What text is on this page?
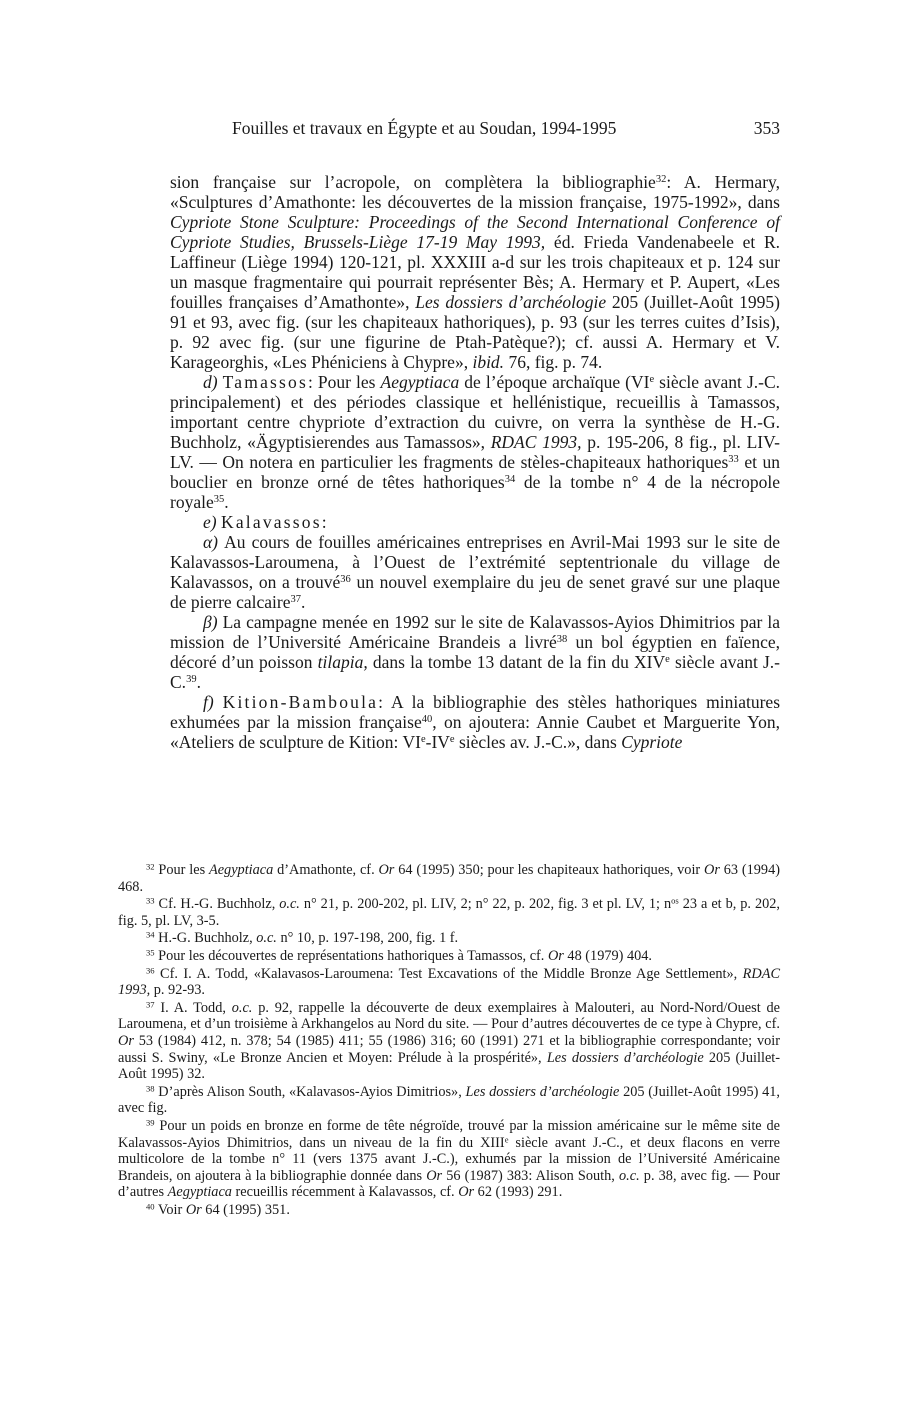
Fouilles et travaux en Égypte et au Soudan, 1994-1995	353

sion française sur l’acropole, on complètera la bibliographie$^{32}$: A. Hermary, «Sculptures d’Amathonte: les découvertes de la mission française, 1975-1992», dans Cypriote Stone Sculpture: Proceedings of the Second International Conference of Cypriote Studies, Brussels-Liège 17-19 May 1993, éd. Frieda Vandenabeele et R. Laffineur (Liège 1994) 120-121, pl. XXXIII a-d sur les trois chapiteaux et p. 124 sur un masque fragmentaire qui pourrait représenter Bès; A. Hermary et P. Aupert, «Les fouilles françaises d’Amathonte», Les dossiers d’archéologie 205 (Juillet-Août 1995) 91 et 93, avec fig. (sur les chapiteaux hathoriques), p. 93 (sur les terres cuites d’Isis), p. 92 avec fig. (sur une figurine de Ptah-Patèque?); cf. aussi A. Hermary et V. Karageorghis, «Les Phéniciens à Chypre», ibid. 76, fig. p. 74.

d) Tamassos: Pour les Aegyptiaca de l’époque archaïque (VIe siècle avant J.-C. principalement) et des périodes classique et hellénistique, recueillis à Tamassos, important centre chypriote d’extraction du cuivre, on verra la synthèse de H.-G. Buchholz, «Ägyptisierendes aus Tamassos», RDAC 1993, p. 195-206, 8 fig., pl. LIV-LV. — On notera en particulier les fragments de stèles-chapiteaux hathoriques$^{33}$ et un bouclier en bronze orné de têtes hathoriques$^{34}$ de la tombe n° 4 de la nécropole royale$^{35}$.

e) Kalavassos:

α) Au cours de fouilles américaines entreprises en Avril-Mai 1993 sur le site de Kalavassos-Laroumena, à l’Ouest de l’extrémité septentrionale du village de Kalavassos, on a trouvé$^{36}$ un nouvel exemplaire du jeu de senet gravé sur une plaque de pierre calcaire$^{37}$.

β) La campagne menée en 1992 sur le site de Kalavassos-Ayios Dhimitrios par la mission de l’Université Américaine Brandeis a livré$^{38}$ un bol égyptien en faïence, décoré d’un poisson tilapia, dans la tombe 13 datant de la fin du XIVe siècle avant J.-C.$^{39}$.

f) Kition-Bamboula: A la bibliographie des stèles hathoriques miniatures exhumées par la mission française$^{40}$, on ajoutera: Annie Caubet et Marguerite Yon, «Ateliers de sculpture de Kition: VIe-IVe siècles av. J.-C.», dans Cypriote

$^{32}$ Pour les Aegyptiaca d’Amathonte, cf. Or 64 (1995) 350; pour les chapiteaux hathoriques, voir Or 63 (1994) 468.

$^{33}$ Cf. H.-G. Buchholz, o.c. n° 21, p. 200-202, pl. LIV, 2; n° 22, p. 202, fig. 3 et pl. LV, 1; $n^{os}$ 23 a et b, p. 202, fig. 5, pl. LV, 3-5.

$^{34}$ H.-G. Buchholz, o.c. n° 10, p. 197-198, 200, fig. 1 f.

$^{35}$ Pour les découvertes de représentations hathoriques à Tamassos, cf. Or 48 (1979) 404.

$^{36}$ Cf. I. A. Todd, «Kalavasos-Laroumena: Test Excavations of the Middle Bronze Age Settlement», RDAC 1993, p. 92-93.

$^{37}$ I. A. Todd, o.c. p. 92, rappelle la découverte de deux exemplaires à Malouteri, au Nord-Nord/Ouest de Laroumena, et d’un troisième à Arkhangelos au Nord du site. — Pour d’autres découvertes de ce type à Chypre, cf. Or 53 (1984) 412, n. 378; 54 (1985) 411; 55 (1986) 316; 60 (1991) 271 et la bibliographie correspondante; voir aussi S. Swiny, «Le Bronze Ancien et Moyen: Prélude à la prospérité», Les dossiers d’archéologie 205 (Juillet-Août 1995) 32.

$^{38}$ D’après Alison South, «Kalavasos-Ayios Dimitrios», Les dossiers d’archéologie 205 (Juillet-Août 1995) 41, avec fig.

$^{39}$ Pour un poids en bronze en forme de tête négroïde, trouvé par la mission américaine sur le même site de Kalavassos-Ayios Dhimitrios, dans un niveau de la fin du XIIIe siècle avant J.-C., et deux flacons en verre multicolore de la tombe n° 11 (vers 1375 avant J.-C.), exhumés par la mission de l’Université Américaine Brandeis, on ajoutera à la bibliographie donnée dans Or 56 (1987) 383: Alison South, o.c. p. 38, avec fig. — Pour d’autres Aegyptiaca recueillis récemment à Kalavassos, cf. Or 62 (1993) 291.

$^{40}$ Voir Or 64 (1995) 351.
